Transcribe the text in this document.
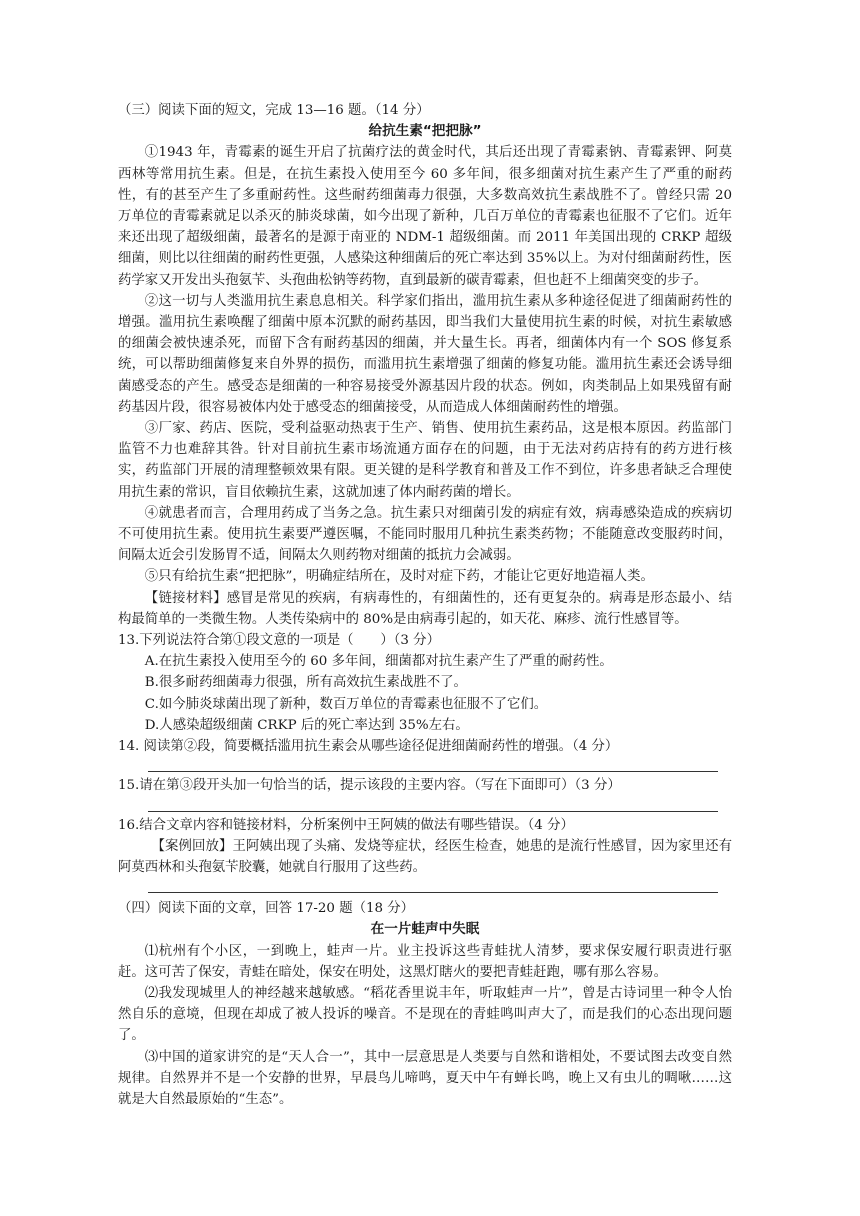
（三）阅读下面的短文，完成 13—16 题。（14 分）

给抗生素“把把脉”

①1943 年，青霉素的诞生开启了抗菌疗法的黄金时代，其后还出现了青霉素钠、青霉素钾、阿莫西林等常用抗生素。但是，在抗生素投入使用至今 60 多年间，很多细菌对抗生素产生了严重的耐药性，有的甚至产生了多重耐药性。这些耐药细菌毒力很强，大多数高效抗生素战胜不了。曾经只需 20 万单位的青霉素就足以杀灭的肺炎球菌，如今出现了新种，几百万单位的青霉素也征服不了它们。近年来还出现了超级细菌，最著名的是源于南亚的 NDM-1 超级细菌。而 2011 年美国出现的 CRKP 超级细菌，则比以往细菌的耐药性更强，人感染这种细菌后的死亡率达到 35%以上。为对付细菌耐药性，医药学家又开发出头孢氨苄、头孢曲松钠等药物，直到最新的碳青霉素，但也赶不上细菌突变的步子。

②这一切与人类滥用抗生素息息相关。科学家们指出，滥用抗生素从多种途径促进了细菌耐药性的增强。滥用抗生素唤醒了细菌中原本沉默的耐药基因，即当我们大量使用抗生素的时候，对抗生素敏感的细菌会被快速杀死，而留下含有耐药基因的细菌，并大量生长。再者，细菌体内有一个 SOS 修复系统，可以帮助细菌修复来自外界的损伤，而滥用抗生素增强了细菌的修复功能。滥用抗生素还会诱导细菌感受态的产生。感受态是细菌的一种容易接受外源基因片段的状态。例如，肉类制品上如果残留有耐药基因片段，很容易被体内处于感受态的细菌接受，从而造成人体细菌耐药性的增强。

③厂家、药店、医院，受利益驱动热衷于生产、销售、使用抗生素药品，这是根本原因。药监部门监管不力也难辞其咎。针对目前抗生素市场流通方面存在的问题，由于无法对药店持有的药方进行核实，药监部门开展的清理整顿效果有限。更关键的是科学教育和普及工作不到位，许多患者缺乏合理使用抗生素的常识，盲目依赖抗生素，这就加速了体内耐药菌的增长。

④就患者而言，合理用药成了当务之急。抗生素只对细菌引发的病症有效，病毒感染造成的疾病切不可使用抗生素。使用抗生素要严遵医嘱，不能同时服用几种抗生素类药物；不能随意改变服药时间，间隔太近会引发肠胃不适，间隔太久则药物对细菌的抵抗力会减弱。

⑤只有给抗生素“把把脉”，明确症结所在，及时对症下药，才能让它更好地造福人类。

【链接材料】感冒是常见的疾病，有病毒性的，有细菌性的，还有更复杂的。病毒是形态最小、结构最简单的一类微生物。人类传染病中的 80%是由病毒引起的，如天花、麻疹、流行性感冒等。

13.下列说法符合第①段文意的一项是（　　）（3 分）

A.在抗生素投入使用至今的 60 多年间，细菌都对抗生素产生了严重的耐药性。

B.很多耐药细菌毒力很强，所有高效抗生素战胜不了。

C.如今肺炎球菌出现了新种，数百万单位的青霉素也征服不了它们。

D.人感染超级细菌 CRKP 后的死亡率达到 35%左右。

14. 阅读第②段，简要概括滥用抗生素会从哪些途径促进细菌耐药性的增强。（4 分）

15.请在第③段开头加一句恰当的话，提示该段的主要内容。（写在下面即可）（3 分）

16.结合文章内容和链接材料，分析案例中王阿姨的做法有哪些错误。（4 分）

【案例回放】王阿姨出现了头痛、发烧等症状，经医生检查，她患的是流行性感冒，因为家里还有阿莫西林和头孢氨苄胶囊，她就自行服用了这些药。

（四）阅读下面的文章，回答 17-20 题（18 分）

在一片蛙声中失眠

⑴杭州有个小区，一到晚上，蛙声一片。业主投诉这些青蛙扰人清梦，要求保安履行职责进行驱赶。这可苦了保安，青蛙在暗处，保安在明处，这黑灯瞎火的要把青蛙赶跑，哪有那么容易。

⑵我发现城里人的神经越来越敏感。“稻花香里说丰年，听取蛙声一片”，曾是古诗词里一种令人怡然自乐的意境，但现在却成了被人投诉的噪音。不是现在的青蛙鸣叫声大了，而是我们的心态出现问题了。

⑶中国的道家讲究的是“天人合一”，其中一层意思是人类要与自然和谐相处，不要试图去改变自然规律。自然界并不是一个安静的世界，早晨鸟儿啼鸣，夏天中午有蝉长鸣，晚上又有虫儿的啁啾……这就是大自然最原始的“生态”。
